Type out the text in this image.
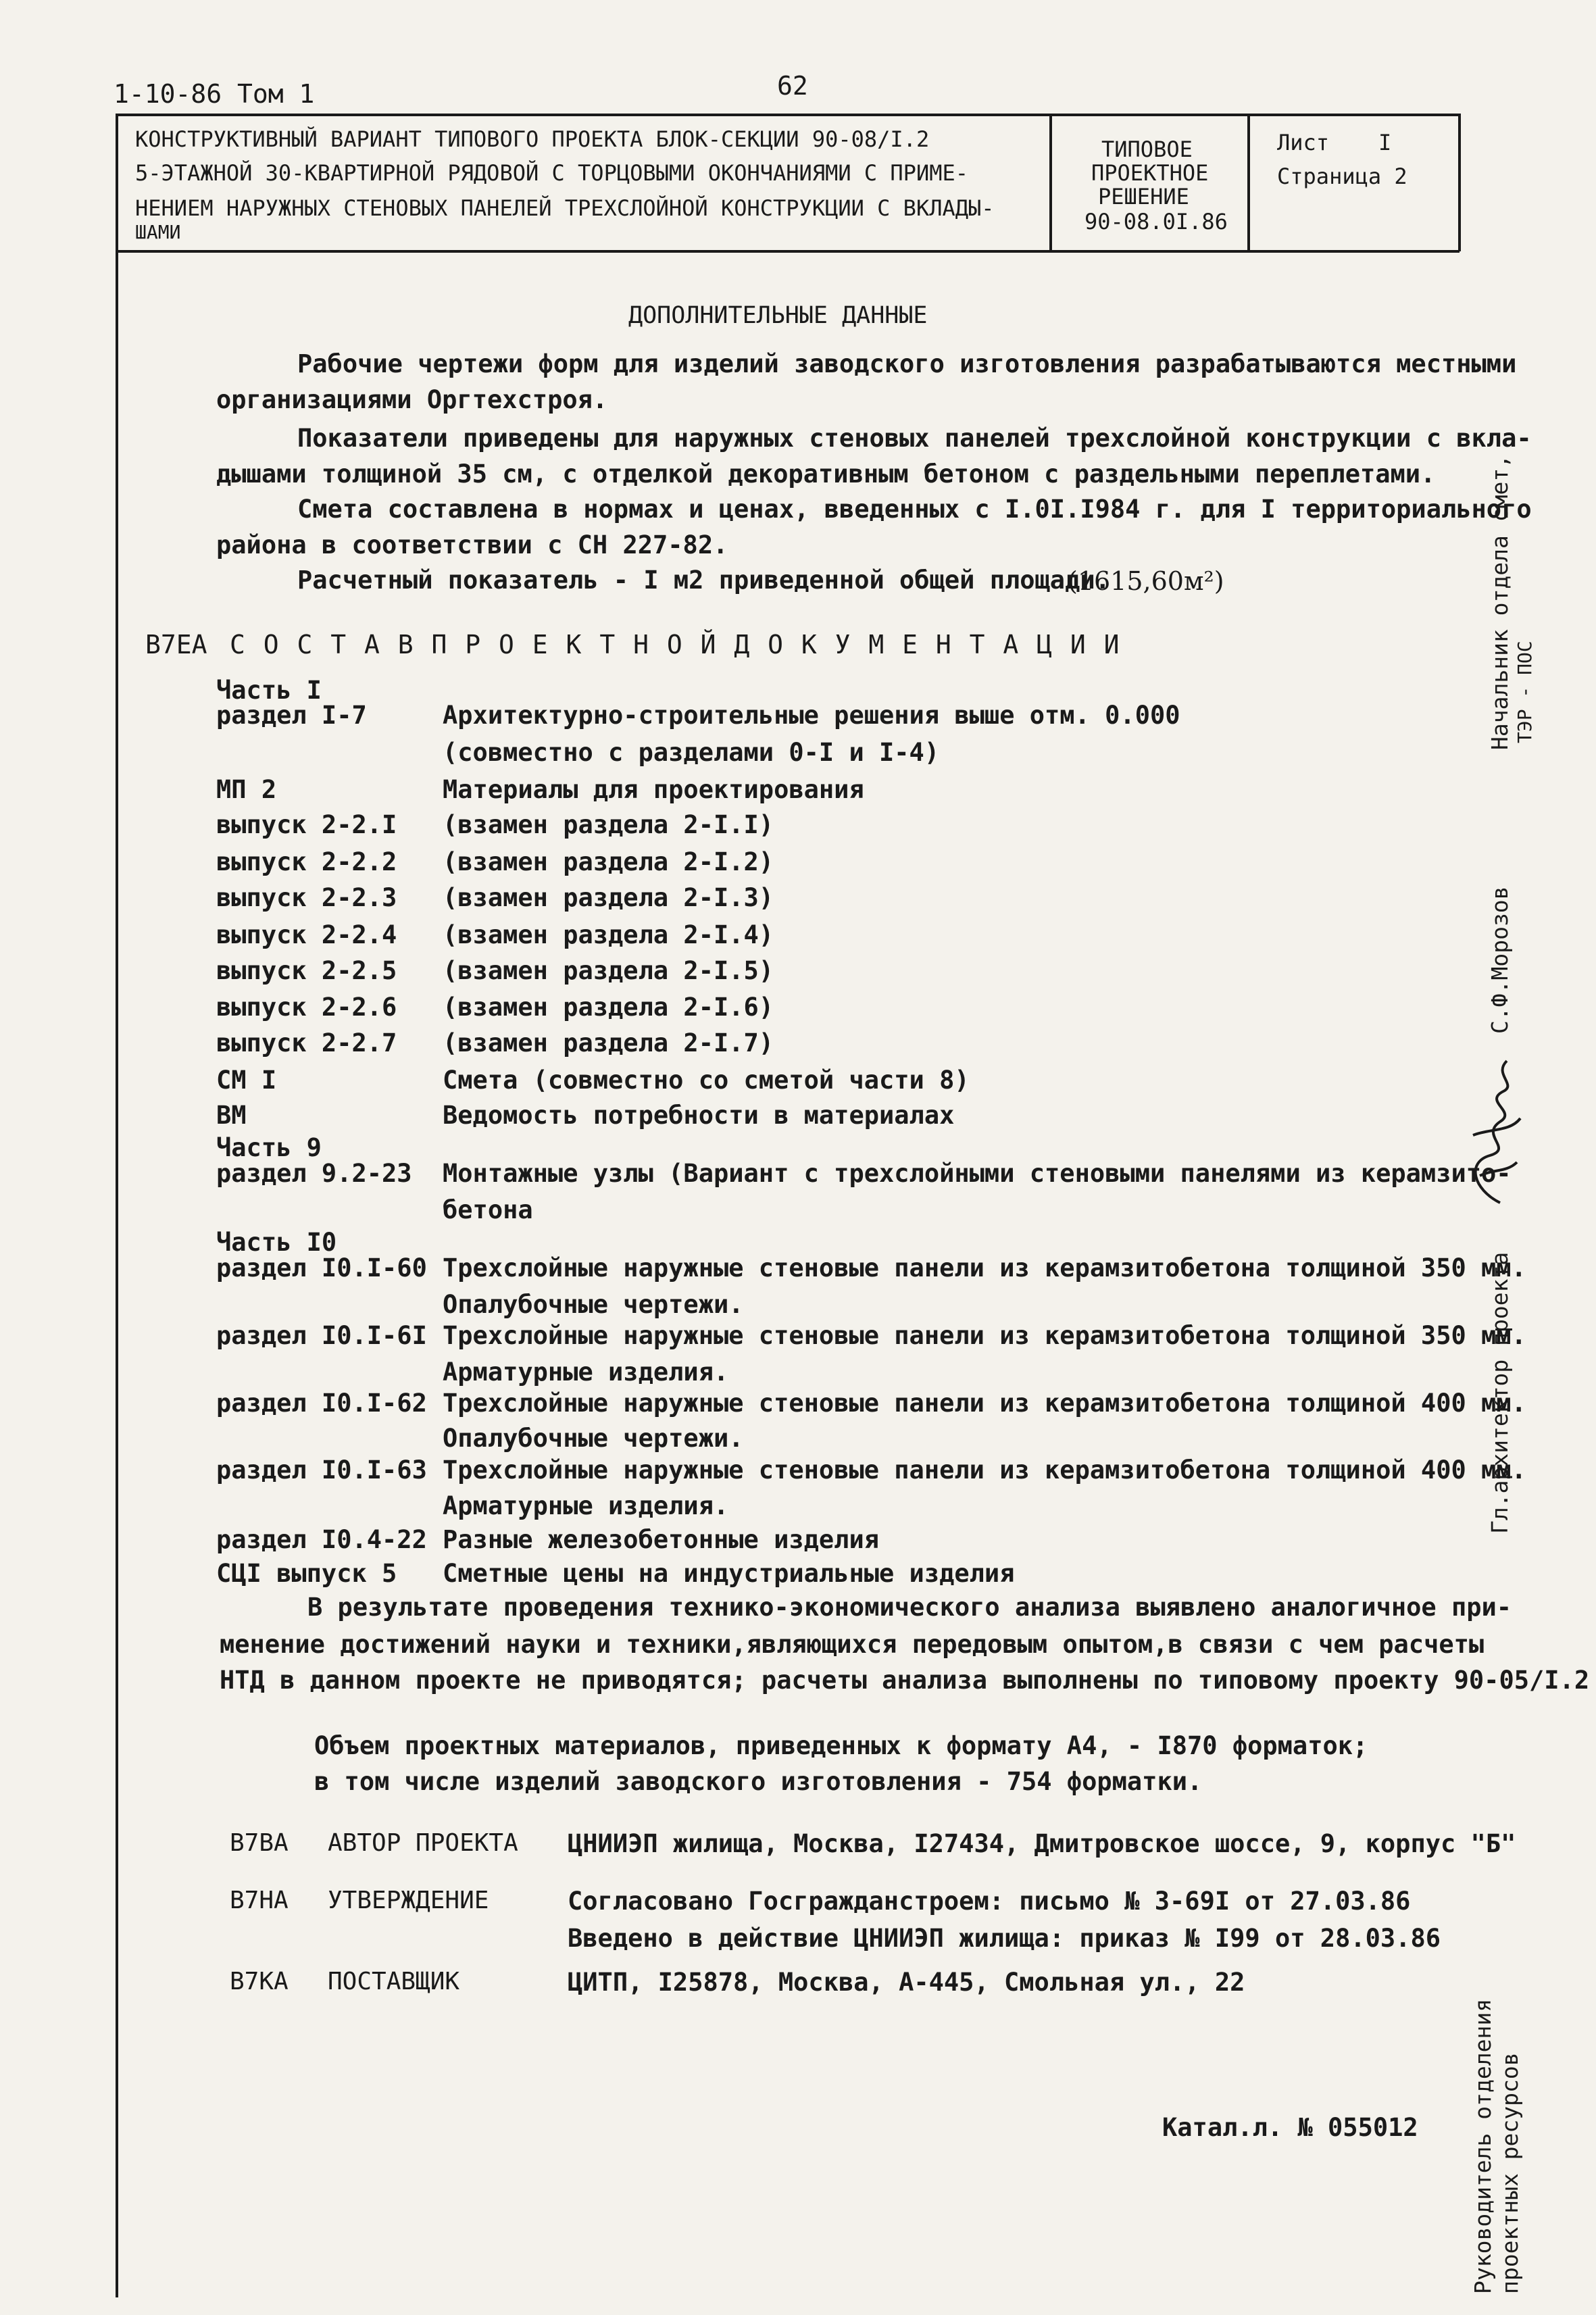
1-10-86 Том 1	62
КОНСТРУКТИВНЫЙ ВАРИАНТ ТИПОВОГО ПРОЕКТА БЛОК-СЕКЦИИ 90-08/I.2
5-ЭТАЖНОЙ 30-КВАРТИРНОЙ РЯДОВОЙ С ТОРЦОВЫМИ ОКОНЧАНИЯМИ С ПРИМЕ-
НЕНИЕМ НАРУЖНЫХ СТЕНОВЫХ ПАНЕЛЕЙ ТРЕХСЛОЙНОЙ КОНСТРУКЦИИ С ВКЛАДЫ-
ШАМИ
ТИПОВОЕ
ПРОЕКТНОЕ
РЕШЕНИЕ
90-08.0I.86
Лист I
Страница 2
ДОПОЛНИТЕЛЬНЫЕ ДАННЫЕ
Рабочие чертежи форм для изделий заводского изготовления разрабатываются местными
организациями Оргтехстроя.
Показатели приведены для наружных стеновых панелей трехслойной конструкции с вкла-
дышами толщиной 35 см, с отделкой декоративным бетоном с раздельными переплетами.
Смета составлена в нормах и ценах, введенных с I.0I.I984 г. для I территориального
района в соответствии с СН 227-82.
Расчетный показатель - I м2 приведенной общей площади.
(1615,60м²)
В7ЕА С О С Т А В П Р О Е К Т Н О Й Д О К У М Е Н Т А Ц И И
Часть I
раздел I-7	Архитектурно-строительные решения выше отм. 0.000
(совместно с разделами 0-I и I-4)
МП 2	Материалы для проектирования
выпуск 2-2.I (взамен раздела 2-I.I)
выпуск 2-2.2 (взамен раздела 2-I.2)
выпуск 2-2.3 (взамен раздела 2-I.3)
выпуск 2-2.4 (взамен раздела 2-I.4)
выпуск 2-2.5 (взамен раздела 2-I.5)
выпуск 2-2.6 (взамен раздела 2-I.6)
выпуск 2-2.7 (взамен раздела 2-I.7)
СМ I	Смета (совместно со сметой части 8)
ВМ	Ведомость потребности в материалах
Часть 9
раздел 9.2-23 Монтажные узлы (Вариант с трехслойными стеновыми панелями из керамзито-
бетона
Часть I0
раздел I0.I-60 Трехслойные наружные стеновые панели из керамзитобетона толщиной 350 мм.
Опалубочные чертежи.
раздел I0.I-6I Трехслойные наружные стеновые панели из керамзитобетона толщиной 350 мм.
Арматурные изделия.
раздел I0.I-62 Трехслойные наружные стеновые панели из керамзитобетона толщиной 400 мм.
Опалубочные чертежи.
раздел I0.I-63 Трехслойные наружные стеновые панели из керамзитобетона толщиной 400 мм.
Арматурные изделия.
раздел I0.4-22 Разные железобетонные изделия
СЦI выпуск 5 Сметные цены на индустриальные изделия
В результате проведения технико-экономического анализа выявлено аналогичное при-
менение достижений науки и техники,являющихся передовым опытом,в связи с чем расчеты
НТД в данном проекте не приводятся; расчеты анализа выполнены по типовому проекту 90-05/I.2
Объем проектных материалов, приведенных к формату А4, - I870 форматок;
в том числе изделий заводского изготовления - 754 форматки.
В7ВА АВТОР ПРОЕКТА ЦНИИЭП жилища, Москва, I27434, Дмитровское шоссе, 9, корпус "Б"
В7НА УТВЕРЖДЕНИЕ	Согласовано Госгражданстроем: письмо № 3-69I от 27.03.86
Введено в действие ЦНИИЭП жилища: приказ № I99 от 28.03.86
В7КА ПОСТАВЩИК	ЦИТП, I25878, Москва, А-445, Смольная ул., 22
Катал.л. № 055012
Начальник отдела смет, ТЭР - ПОС
С.Ф.Морозов
Гл.архитектор проекта
Руководитель отделения проектных ресурсов
